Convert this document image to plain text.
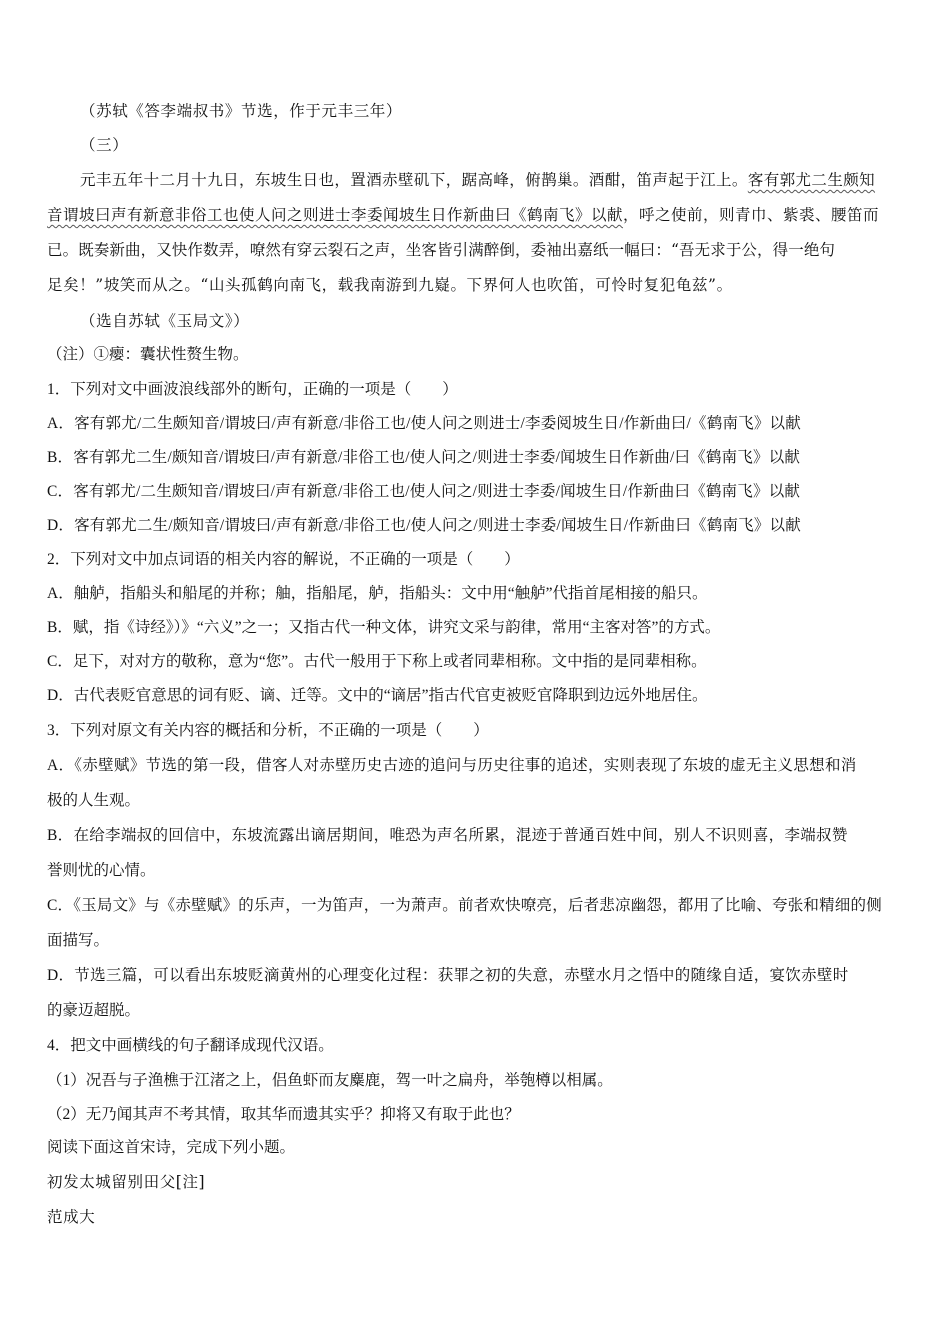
（苏轼《答李端叔书》节选，作于元丰三年）
（三）
元丰五年十二月十九日，东坡生日也，置酒赤壁矶下，踞高峰，俯鹊巢。酒酣，笛声起于江上。客有郭尤二生颇知
音谓坡曰声有新意非俗工也使人问之则进士李委闻坡生日作新曲曰《鹤南飞》以献，呼之使前，则青巾、紫裘、腰笛而
已。既奏新曲，又快作数弄，嘹然有穿云裂石之声，坐客皆引满醉倒，委袖出嘉纸一幅曰：“吾无求于公，得一绝句
足矣！”坡笑而从之。“山头孤鹤向南飞，载我南游到九嶷。下界何人也吹笛，可怜时复犯龟兹”。
（选自苏轼《玉局文》）
（注）①瘿：囊状性赘生物。
1．下列对文中画波浪线部外的断句，正确的一项是（　　）
A．客有郭尤/二生颇知音/谓坡曰/声有新意/非俗工也/使人问之则进士/李委阅坡生日/作新曲曰/《鹤南飞》以献
B．客有郭尤二生/颇知音/谓坡曰/声有新意/非俗工也/使人问之/则进士李委/闻坡生日作新曲/曰《鹤南飞》以献
C．客有郭尤/二生颇知音/谓坡曰/声有新意/非俗工也/使人问之/则进士李委/闻坡生日/作新曲曰《鹤南飞》以献
D．客有郭尤二生/颇知音/谓坡曰/声有新意/非俗工也/使人问之/则进士李委/闻坡生日/作新曲曰《鹤南飞》以献
2．下列对文中加点词语的相关内容的解说，不正确的一项是（　　）
A．舳舻，指船头和船尾的并称；舳，指船尾，舻，指船头：文中用“触舻”代指首尾相接的船只。
B．赋，指《诗经》）》“六义”之一；又指古代一种文体，讲究文采与韵律，常用“主客对答”的方式。
C．足下，对对方的敬称，意为“您”。古代一般用于下称上或者同辈相称。文中指的是同辈相称。
D．古代表贬官意思的词有贬、谪、迁等。文中的“谪居”指古代官吏被贬官降职到边远外地居住。
3．下列对原文有关内容的概括和分析，不正确的一项是（　　）
A．《赤壁赋》节选的第一段，借客人对赤壁历史古迹的追问与历史往事的追述，实则表现了东坡的虚无主义思想和消
极的人生观。
B．在给李端叔的回信中，东坡流露出谪居期间，唯恐为声名所累，混迹于普通百姓中间，别人不识则喜，李端叔赞
誉则忧的心情。
C．《玉局文》与《赤壁赋》的乐声，一为笛声，一为萧声。前者欢快嘹亮，后者悲凉幽怨，都用了比喻、夸张和精细的侧
面描写。
D．节选三篇，可以看出东坡贬滴黄州的心理变化过程：获罪之初的失意，赤壁水月之悟中的随缘自适，宴饮赤壁时
的豪迈超脱。
4．把文中画横线的句子翻译成现代汉语。
（1）况吾与子渔樵于江渚之上，侣鱼虾而友麋鹿，驾一叶之扁舟，举匏樽以相属。
（2）无乃闻其声不考其情，取其华而遗其实乎？抑将又有取于此也？
阅读下面这首宋诗，完成下列小题。
初发太城留别田父[注]
范成大
